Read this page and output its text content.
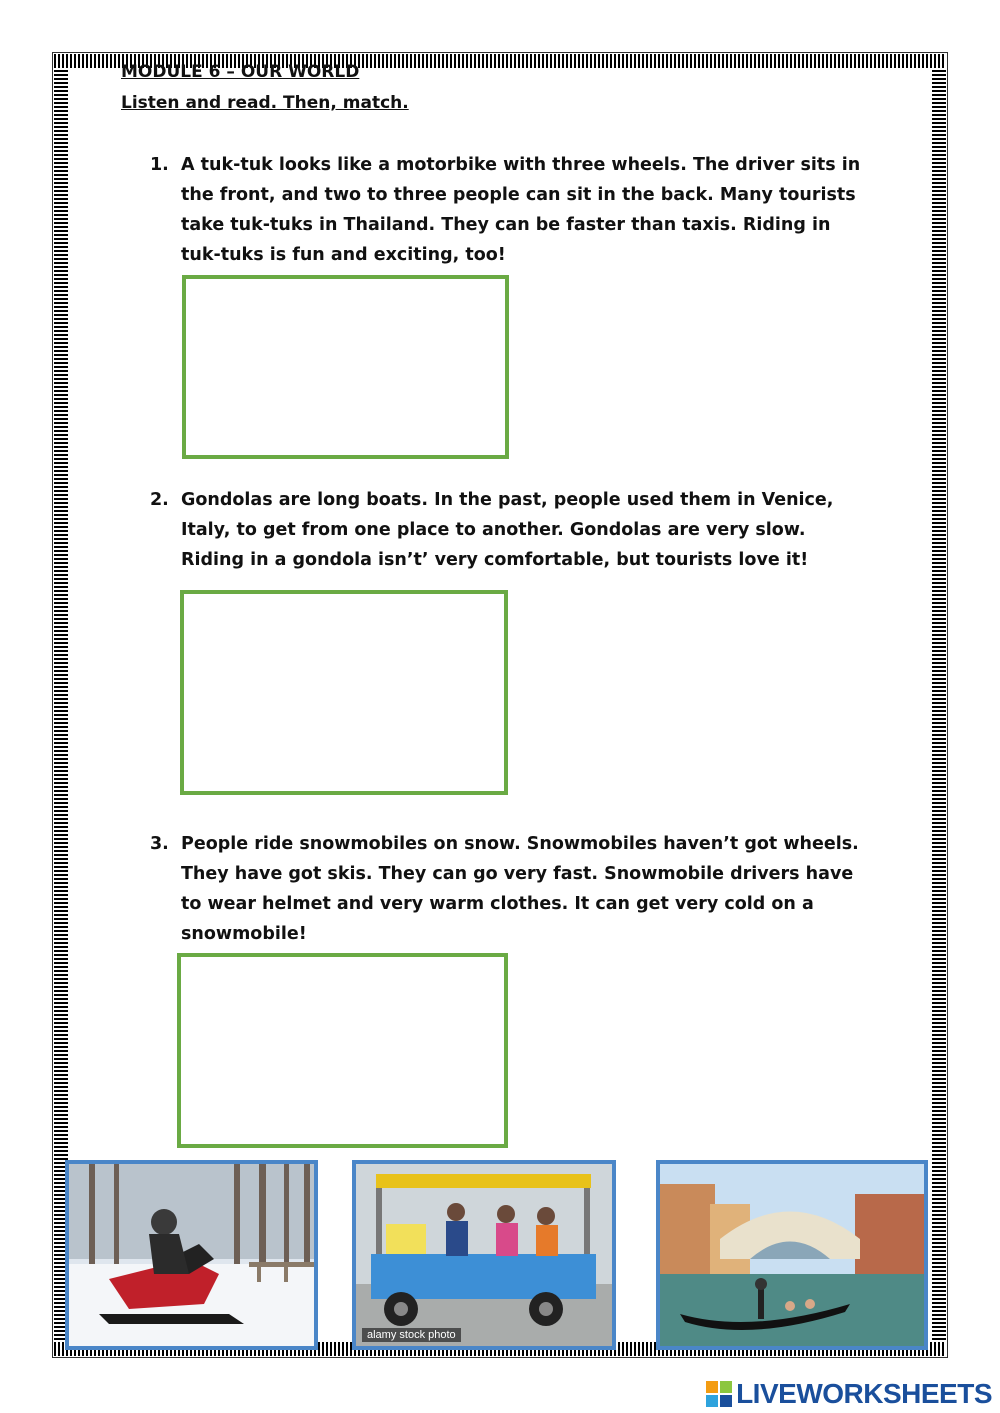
MODULE 6 – OUR WORLD
Listen and read. Then, match.
1. A tuk-tuk looks like a motorbike with three wheels. The driver sits in the front, and two to three people can sit in the back. Many tourists take tuk-tuks in Thailand. They can be faster than taxis. Riding in tuk-tuks is fun and exciting, too!
2. Gondolas are long boats. In the past, people used them in Venice, Italy, to get from one place to another. Gondolas are very slow. Riding in a gondola isn’t’ very comfortable, but tourists love it!
3. People ride snowmobiles on snow. Snowmobiles haven’t got wheels. They have got skis. They can go very fast. Snowmobile drivers have to wear helmet and very warm clothes. It can get very cold on a snowmobile!
alamy stock photo
LIVEWORKSHEETS
